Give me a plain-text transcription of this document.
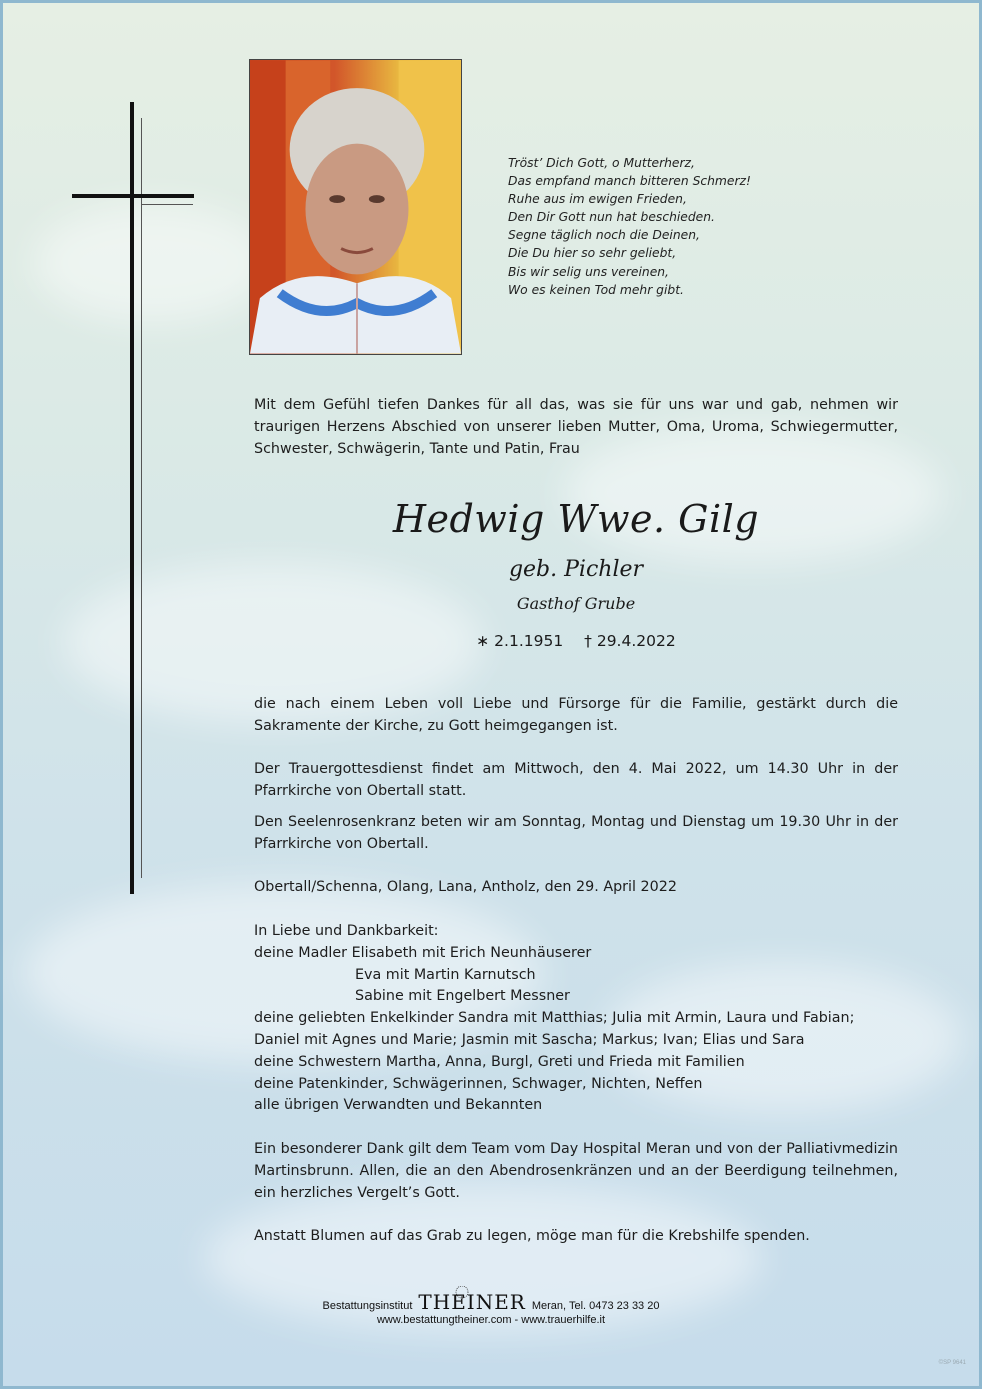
Tröst’ Dich Gott, o Mutterherz,
Das empfand manch bitteren Schmerz!
Ruhe aus im ewigen Frieden,
Den Dir Gott nun hat beschieden.
Segne täglich noch die Deinen,
Die Du hier so sehr geliebt,
Bis wir selig uns vereinen,
Wo es keinen Tod mehr gibt.

Mit dem Gefühl tiefen Dankes für all das, was sie für uns war und gab, nehmen wir traurigen Herzens Abschied von unserer lieben Mutter, Oma, Uroma, Schwiegermutter, Schwester, Schwägerin, Tante und Patin, Frau

Hedwig Wwe. Gilg
geb. Pichler
Gasthof Grube
∗ 2.1.1951 † 29.4.2022

die nach einem Leben voll Liebe und Fürsorge für die Familie, gestärkt durch die Sakramente der Kirche, zu Gott heimgegangen ist.

Der Trauergottesdienst findet am Mittwoch, den 4. Mai 2022, um 14.30 Uhr in der Pfarrkirche von Obertall statt.

Den Seelenrosenkranz beten wir am Sonntag, Montag und Dienstag um 19.30 Uhr in der Pfarrkirche von Obertall.

Obertall/Schenna, Olang, Lana, Antholz, den 29. April 2022

In Liebe und Dankbarkeit:
deine Madler Elisabeth mit Erich Neunhäuserer
Eva mit Martin Karnutsch
Sabine mit Engelbert Messner
deine geliebten Enkelkinder Sandra mit Matthias; Julia mit Armin, Laura und Fabian;
Daniel mit Agnes und Marie; Jasmin mit Sascha; Markus; Ivan; Elias und Sara
deine Schwestern Martha, Anna, Burgl, Greti und Frieda mit Familien
deine Patenkinder, Schwägerinnen, Schwager, Nichten, Neffen
alle übrigen Verwandten und Bekannten

Ein besonderer Dank gilt dem Team vom Day Hospital Meran und von der Palliativmedizin Martinsbrunn. Allen, die an den Abendrosenkränzen und an der Beerdigung teilnehmen, ein herzliches Vergelt’s Gott.

Anstatt Blumen auf das Grab zu legen, möge man für die Krebshilfe spenden.

Bestattungsinstitut THEINER Meran, Tel. 0473 23 33 20
www.bestattungtheiner.com - www.trauerhilfe.it
©SP 9641
